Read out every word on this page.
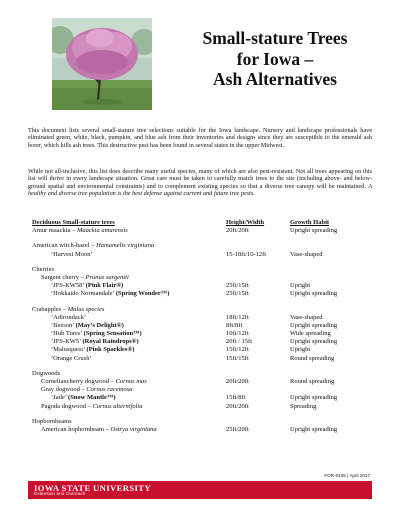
Small-stature Trees
for Iowa –
Ash Alternatives
This document lists several small-stature tree selections suitable for the Iowa landscape. Nursery and landscape professionals have eliminated green, white, black, pumpkin, and blue ash from their inventories and designs since they are susceptible to the emerald ash borer, which kills ash trees. This destructive pest has been found in several states in the upper Midwest.
While not all-inclusive, this list does describe many useful species, many of which are also pest-resistant. Not all trees appearing on this list will thrive in every landscape situation. Great care must be taken to carefully match trees to the site (including above- and below-ground spatial and environmental constraints) and to complement existing species so that a diverse tree canopy will be maintained. A healthy and diverse tree population is the best defense against current and future tree pests.
Deciduous Small-stature trees	Height/Width	Growth Habit
Amur maackia – Maackia amurensis	20ft/20ft	Upright spreading
American witch-hazel – Hamamelis virginiana
‘Harvest Moon’	15-18ft/10-12ft	Vase-shaped
Cherries
Sargent cherry – Prunus sargentii
‘JFS-KW58’ (Pink Flair®)	25ft/15ft	Upright
‘Hokkaido Normandale’ (Spring Wonder™)	25ft/15ft	Upright spreading
Crabapples – Malus species
‘Adirondack’	18ft/12ft	Vase-shaped
‘Beeson’ (May’s Delight®)	8ft/8ft	Upright spreading
‘Hub Tures’ (Spring Sensation™)	10ft/12ft	Wide spreading
‘JFS-KW5’ (Royal Raindrops®)	20ft / 15ft	Upright spreading
‘Malusquest’ (Pink Sparkles®)	15ft/12ft	Upright
‘Orange Crush’	15ft/15ft	Round spreading
Dogwoods
Corneliancherry dogwood – Cornus mas	20ft/20ft	Round spreading
Gray dogwood – Cornus racemosa
‘Jade’ (Snow Mantle™)	15ft/8ft	Upright spreading
Pagoda dogwood – Cornus alternifolia	20ft/20ft	Spreading
Hopbornbeams
American hophornbeam – Ostrya virginiana	25ft/20ft	Upright spreading
FOR-0405 | April 2017
IOWA STATE UNIVERSITY
Extension and Outreach
